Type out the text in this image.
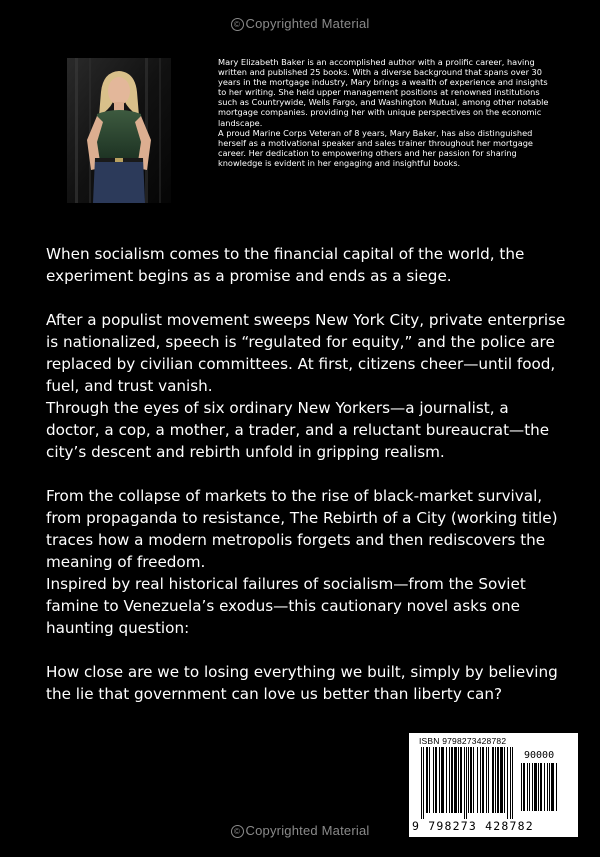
© Copyrighted Material

Mary Elizabeth Baker is an accomplished author with a prolific career, having written and published 25 books. With a diverse background that spans over 30 years in the mortgage industry, Mary brings a wealth of experience and insights to her writing. She held upper management positions at renowned institutions such as Countrywide, Wells Fargo, and Washington Mutual, among other notable mortgage companies. providing her with unique perspectives on the economic landscape.

A proud Marine Corps Veteran of 8 years, Mary Baker, has also distinguished herself as a motivational speaker and sales trainer throughout her mortgage career. Her dedication to empowering others and her passion for sharing knowledge is evident in her engaging and insightful books.

When socialism comes to the financial capital of the world, the experiment begins as a promise and ends as a siege.

After a populist movement sweeps New York City, private enterprise is nationalized, speech is “regulated for equity,” and the police are replaced by civilian committees. At first, citizens cheer—until food, fuel, and trust vanish.

Through the eyes of six ordinary New Yorkers—a journalist, a doctor, a cop, a mother, a trader, and a reluctant bureaucrat—the city’s descent and rebirth unfold in gripping realism.

From the collapse of markets to the rise of black-market survival, from propaganda to resistance, The Rebirth of a City (working title) traces how a modern metropolis forgets and then rediscovers the meaning of freedom.

Inspired by real historical failures of socialism—from the Soviet famine to Venezuela’s exodus—this cautionary novel asks one haunting question:

How close are we to losing everything we built, simply by believing the lie that government can love us better than liberty can?

ISBN 9798273428782
90000
9 798273 428782
© Copyrighted Material
